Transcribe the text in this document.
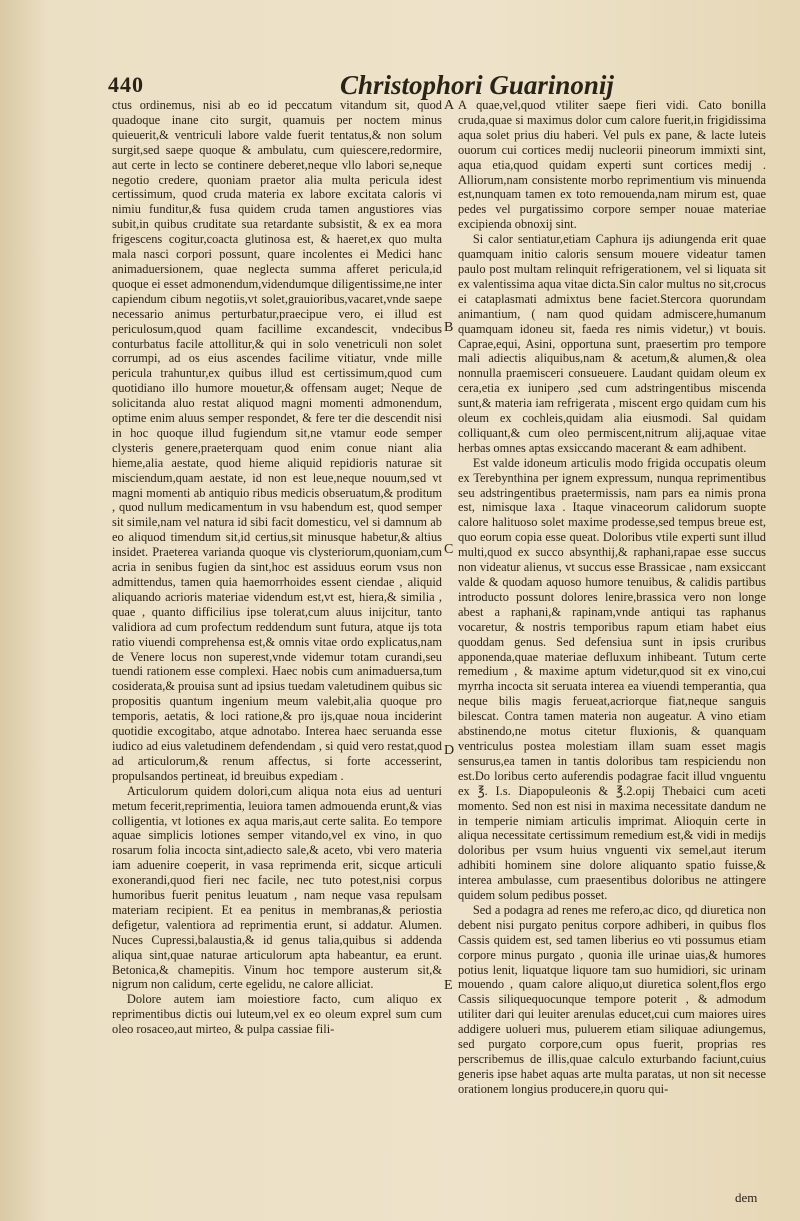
440	Christophori Guarinonij

ctus ordinemus, nisi ab eo id peccatum vitandum sit, quod quadoque inane cito surgit, quamuis per noctem minus quieuerit,& ventriculi labore valde fuerit tentatus,& non solum surgit,sed saepe quoque & ambulatu, cum quiescere,redormire, aut certe in lecto se continere deberet,neque vllo labori se,neque negotio credere, quoniam praetor alia multa pericula idest certissimum, quod cruda materia ex labore excitata caloris vi nimiu funditur,& fusa quidem cruda tamen angustiores vias subit,in quibus cruditate sua retardante subsistit, & ex ea mora frigescens cogitur,coacta glutinosa est, & haeret,ex quo multa mala nasci corpori possunt, quare incolentes ei Medici hanc animaduersionem, quae neglecta summa afferet pericula,id quoque ei esset admonendum,videndumque diligentissime,ne inter capiendum cibum negotiis,vt solet,grauioribus,vacaret,vnde saepe necessario animus perturbatur,praecipue vero, ei illud est periculosum,quod quam facillime excandescit, vndecibus conturbatus facile attollitur,& qui in solo venetriculi non solet corrumpi, ad os eius ascendes facilime vitiatur, vnde mille pericula trahuntur,ex quibus illud est certissimum,quod cum quotidiano illo humore mouetur,& offensam auget; Neque de solicitanda aluo restat aliquod magni momenti admonendum, optime enim aluus semper respondet, & fere ter die descendit nisi in hoc quoque illud fugiendum sit,ne vtamur eode semper clysteris genere,praeterquam quod enim conue niant alia hieme,alia aestate, quod hieme aliquid repidioris naturae sit misciendum,quam aestate, id non est leue,neque nouum,sed vt magni momenti ab antiquio ribus medicis obseruatum,& proditum , quod nullum medicamentum in vsu habendum est, quod semper sit simile,nam vel natura id sibi facit domesticu, vel si damnum ab eo aliquod timendum sit,id certius,sit minusque habetur,& altius insidet. Praeterea varianda quoque vis clysteriorum,quoniam,cum acria in senibus fugien da sint,hoc est assiduus eorum vsus non admittendus, tamen quia haemorrhoides essent ciendae , aliquid aliquando acrioris materiae videndum est,vt est, hiera,& similia , quae , quanto difficilius ipse tolerat,cum aluus inijcitur, tanto validiora ad cum profectum reddendum sunt futura, atque ijs tota ratio viuendi comprehensa est,& omnis vitae ordo explicatus,nam de Venere locus non superest,vnde videmur totam curandi,seu tuendi rationem esse complexi. Haec nobis cum animaduersa,tum cosiderata,& prouisa sunt ad ipsius tuedam valetudinem quibus sic propositis quantum ingenium meum valebit,alia quoque pro temporis, aetatis, & loci ratione,& pro ijs,quae noua inciderint quotidie excogitabo, atque adnotabo. Interea haec seruanda esse iudico ad eius valetudinem defendendam , si quid vero restat,quod ad articulorum,& renum affectus, si forte accesserint, propulsandos pertineat, id breuibus expediam .

Articulorum quidem dolori,cum aliqua nota eius ad uenturi metum fecerit,reprimentia, leuiora tamen admouenda erunt,& vias colligentia, vt lotiones ex aqua maris,aut certe salita. Eo tempore aquae simplicis lotiones semper vitando,vel ex vino, in quo rosarum folia incocta sint,adiecto sale,& aceto, vbi vero materia iam aduenire coeperit, in vasa reprimenda erit, sicque articuli exonerandi,quod fieri nec facile, nec tuto potest,nisi corpus humoribus fuerit penitus leuatum , nam neque vasa repulsam materiam recipient. Et ea penitus in membranas,& periostia defigetur, valentiora ad reprimentia erunt, si addatur. Alumen. Nuces Cupressi,balaustia,& id genus talia,quibus si addenda aliqua sint,quae naturae articulorum apta habeantur, ea erunt. Betonica,& chamepitis. Vinum hoc tempore austerum sit,& nigrum non calidum, certe egelidu, ne calore alliciat.

Dolore autem iam moiestiore facto, cum aliquo ex reprimentibus dictis oui luteum,vel ex eo oleum exprel sum cum oleo rosaceo,aut mirteo, & pulpa cassiae fili-

A
B
C
D
E

A quae,vel,quod vtiliter saepe fieri vidi. Cato bonilla cruda,quae si maximus dolor cum calore fuerit,in frigidissima aqua solet prius diu haberi. Vel puls ex pane, & lacte luteis ouorum cui cortices medij nucleorii pineorum immixti sint, aqua etia,quod quidam experti sunt cortices medij . Alliorum,nam consistente morbo reprimentium vis minuenda est,nunquam tamen ex toto remouenda,nam mirum est, quae pedes vel purgatissimo corpore semper nouae materiae excipienda obnoxij sint.

Si calor sentiatur,etiam Caphura ijs adiungenda erit quae quamquam initio caloris sensum mouere videatur tamen paulo post multam relinquit refrigerationem, vel si liquata sit ex valentissima aqua vitae dicta.Sin calor multus no sit,crocus ei cataplasmati admixtus bene faciet.Stercora quorundam animantium, ( nam quod quidam admiscere,humanum quamquam idoneu sit, faeda res nimis videtur,) vt bouis. Caprae,equi, Asini, opportuna sunt, praesertim pro tempore mali adiectis aliquibus,nam & acetum,& alumen,& olea nonnulla praemisceri consueuere. Laudant quidam oleum ex cera,etia ex iunipero ,sed cum adstringentibus miscenda sunt,& materia iam refrigerata , miscent ergo quidam cum his oleum ex cochleis,quidam alia eiusmodi. Sal quidam colliquant,& cum oleo permiscent,nitrum alij,aquae vitae herbas omnes aptas exsiccando macerant & eam adhibent.

Est valde idoneum articulis modo frigida occupatis oleum ex Terebynthina per ignem expressum, nunqua reprimentibus seu adstringentibus praetermissis, nam pars ea nimis prona est, nimisque laxa . Itaque vinaceorum calidorum suopte calore halituoso solet maxime prodesse,sed tempus breue est, quo eorum copia esse queat. Doloribus vtile experti sunt illud multi,quod ex succo absynthij,& raphani,rapae esse succus non videatur alienus, vt succus esse Brassicae , nam exsiccant valde & quodam aquoso humore tenuibus, & calidis partibus introducto possunt dolores lenire,brassica vero non longe abest a raphani,& rapinam,vnde antiqui tas raphanus vocaretur, & nostris temporibus rapum etiam habet eius quoddam genus. Sed defensiua sunt in ipsis cruribus apponenda,quae materiae defluxum inhibeant. Tutum certe remedium , & maxime aptum videtur,quod sit ex vino,cui myrrha incocta sit seruata interea ea viuendi temperantia, qua neque bilis magis ferueat,acriorque fiat,neque sanguis bilescat. Contra tamen materia non augeatur. A vino etiam abstinendo,ne motus citetur fluxionis, & quanquam ventriculus postea molestiam illam suam esset magis sensurus,ea tamen in tantis doloribus tam respiciendu non est.Do loribus certo auferendis podagrae facit illud vnguentu ex ℥. I.s. Diapopuleonis & ℥.2.opij Thebaici cum aceti momento. Sed non est nisi in maxima necessitate dandum ne in temperie nimiam articulis imprimat. Alioquin certe in aliqua necessitate certissimum remedium est,& vidi in medijs doloribus per vsum huius vnguenti vix semel,aut iterum adhibiti hominem sine dolore aliquanto spatio fuisse,& interea ambulasse, cum praesentibus doloribus ne attingere quidem solum pedibus posset.

Sed a podagra ad renes me refero,ac dico, qd diuretica non debent nisi purgato penitus corpore adhiberi, in quibus flos Cassis quidem est, sed tamen liberius eo vti possumus etiam corpore minus purgato , quonia ille urinae uias,& humores potius lenit, liquatque liquore tam suo humidiori, sic urinam mouendo , quam calore aliquo,ut diuretica solent,flos ergo Cassis siliquequocunque tempore poterit , & admodum utiliter dari qui leuiter arenulas educet,cui cum maiores uires addigere uolueri mus, puluerem etiam siliquae adiungemus, sed purgato corpore,cum opus fuerit, proprias res perscribemus de illis,quae calculo exturbando faciunt,cuius generis ipse habet aquas arte multa paratas, ut non sit necesse orationem longius producere,in quoru qui-

dem
